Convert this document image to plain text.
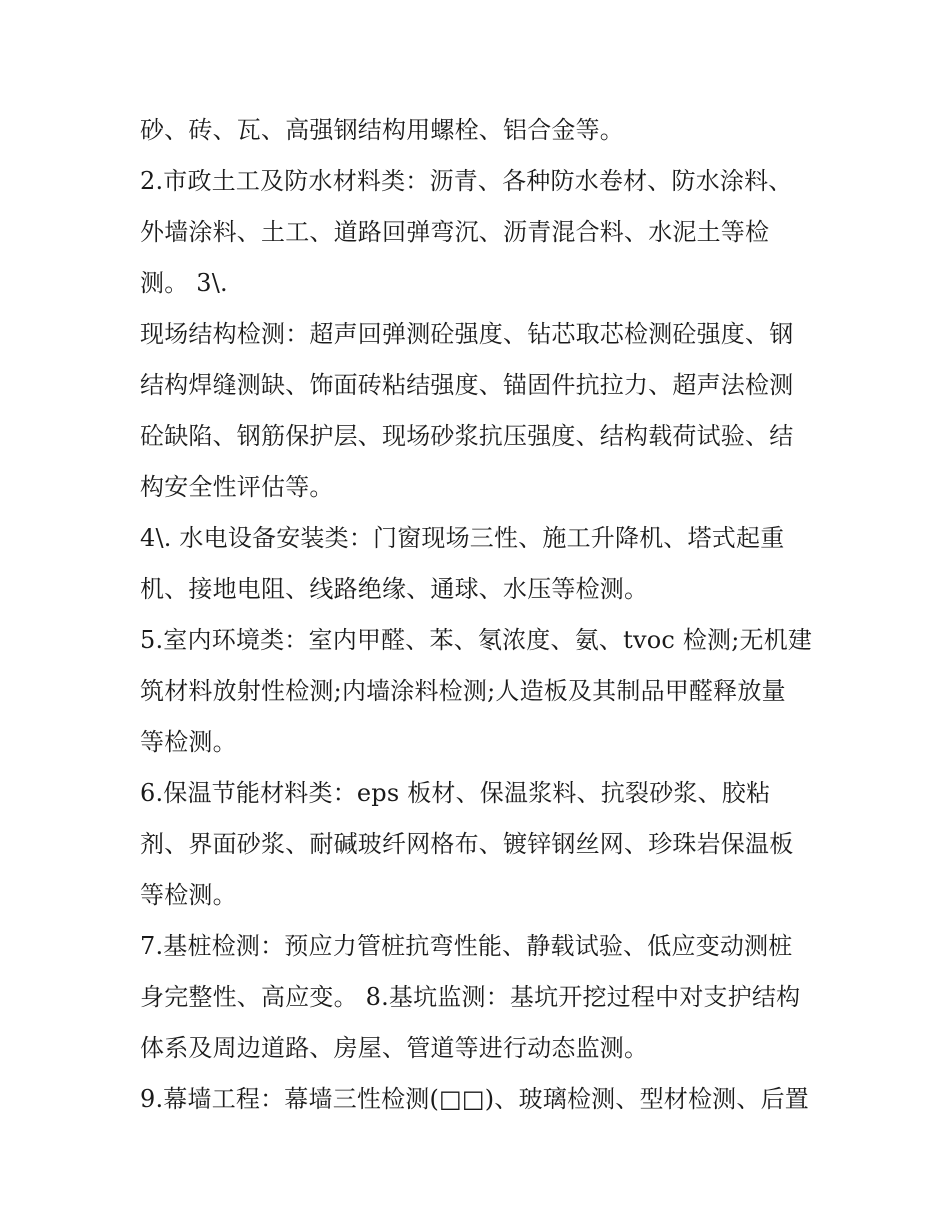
砂、砖、瓦、高强钢结构用螺栓、铝合金等。
2.市政土工及防水材料类：沥青、各种防水卷材、防水涂料、
外墙涂料、土工、道路回弹弯沉、沥青混合料、水泥土等检
测。 3\.
现场结构检测：超声回弹测砼强度、钻芯取芯检测砼强度、钢
结构焊缝测缺、饰面砖粘结强度、锚固件抗拉力、超声法检测
砼缺陷、钢筋保护层、现场砂浆抗压强度、结构载荷试验、结
构安全性评估等。
4\. 水电设备安装类：门窗现场三性、施工升降机、塔式起重
机、接地电阻、线路绝缘、通球、水压等检测。
5.室内环境类：室内甲醛、苯、氡浓度、氨、tvoc 检测;无机建
筑材料放射性检测;内墙涂料检测;人造板及其制品甲醛释放量
等检测。
6.保温节能材料类：eps 板材、保温浆料、抗裂砂浆、胶粘
剂、界面砂浆、耐碱玻纤网格布、镀锌钢丝网、珍珠岩保温板
等检测。
7.基桩检测：预应力管桩抗弯性能、静载试验、低应变动测桩
身完整性、高应变。 8.基坑监测：基坑开挖过程中对支护结构
体系及周边道路、房屋、管道等进行动态监测。
9.幕墙工程：幕墙三性检测(□□)、玻璃检测、型材检测、后置
